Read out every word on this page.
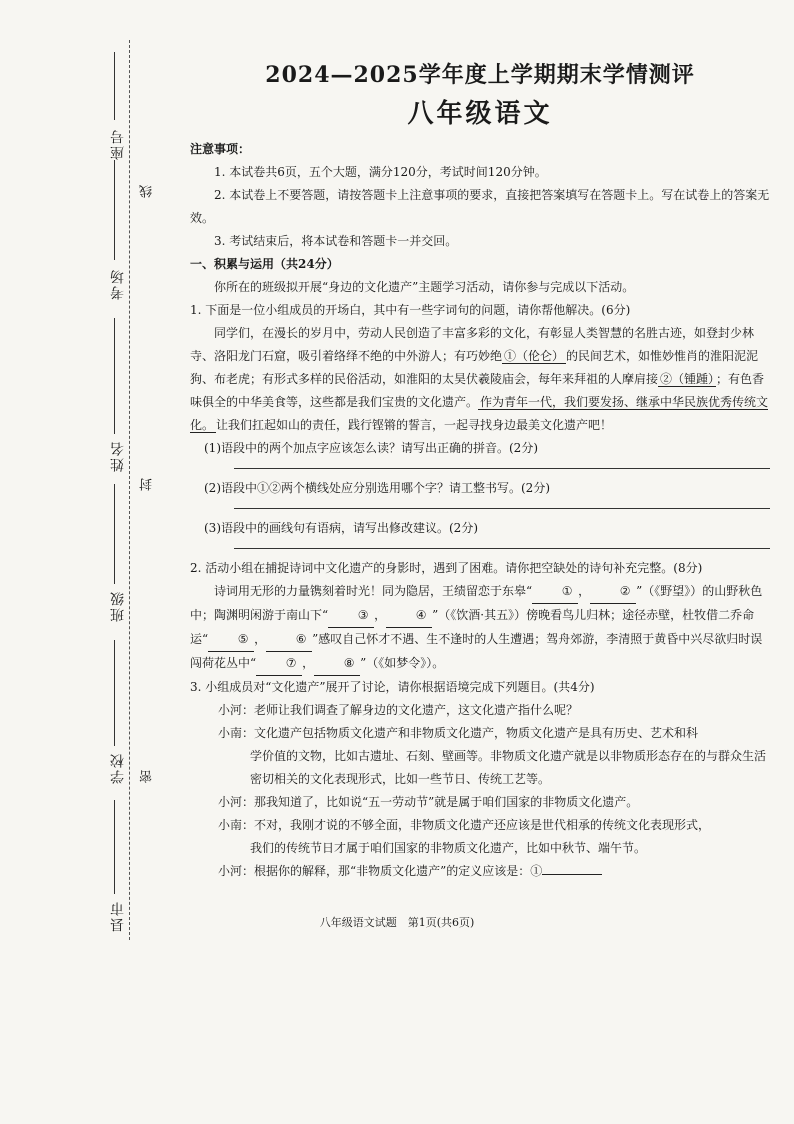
座号
考场
姓名
班级
学校
县市
线
封
密
2024—2025学年度上学期期末学情测评
八年级语文

注意事项：

1. 本试卷共6页，五个大题，满分120分，考试时间120分钟。

2. 本试卷上不要答题，请按答题卡上注意事项的要求，直接把答案填写在答题卡上。写在试卷上的答案无效。

3. 考试结束后，将本试卷和答题卡一并交回。

一、积累与运用（共24分）

你所在的班级拟开展“身边的文化遗产”主题学习活动，请你参与完成以下活动。

1. 下面是一位小组成员的开场白，其中有一些字词句的问题，请你帮他解决。(6分)

同学们，在漫长的岁月中，劳动人民创造了丰富多彩的文化，有彰显人类智慧的名胜古迹，如登封少林寺、洛阳龙门石窟，吸引着络绎不绝的中外游人；有巧妙绝 ①（伦仑） 的民间艺术，如惟妙惟肖的淮阳泥泥狗、布老虎；有形式多样的民俗活动，如淮阳的太昊伏羲陵庙会，每年来拜祖的人摩肩接 ②（锺踵） ；有色香味俱全的中华美食等，这些都是我们宝贵的文化遗产。 作为青年一代，我们要发扬、继承中华民族优秀传统文化。 让我们扛起如山的责任，践行铿锵的誓言，一起寻找身边最美文化遗产吧！

(1)语段中的两个加点字应该怎么读？请写出正确的拼音。(2分)

(2)语段中①②两个横线处应分别选用哪个字？请工整书写。(2分)

(3)语段中的画线句有语病，请写出修改建议。(2分)

2. 活动小组在捕捉诗词中文化遗产的身影时，遇到了困难。请你把空缺处的诗句补充完整。(8分)

诗词用无形的力量镌刻着时光！同为隐居，王绩留恋于东皋“ ① ， ② ”（《野望》）的山野秋色中；陶渊明闲游于南山下“ ③ ， ④ ”（《饮酒·其五》）傍晚看鸟儿归林；途径赤壁，杜牧借二乔命运“ ⑤ ， ⑥ ”感叹自己怀才不遇、生不逢时的人生遭遇；驾舟郊游，李清照于黄昏中兴尽欲归时误闯荷花丛中“ ⑦ ， ⑧ ”（《如梦令》）。

3. 小组成员对“文化遗产”展开了讨论，请你根据语境完成下列题目。(共4分)

小河：老师让我们调查了解身边的文化遗产，这文化遗产指什么呢？

小南：文化遗产包括物质文化遗产和非物质文化遗产，物质文化遗产是具有历史、艺术和科
学价值的文物，比如古遗址、石刻、壁画等。非物质文化遗产就是以非物质形态存在的与群众生活密切相关的文化表现形式，比如一些节日、传统工艺等。

小河：那我知道了，比如说“五一劳动节”就是属于咱们国家的非物质文化遗产。

小南：不对，我刚才说的不够全面，非物质文化遗产还应该是世代相承的传统文化表现形式，
我们的传统节日才属于咱们国家的非物质文化遗产，比如中秋节、端午节。

小河：根据你的解释，那“非物质文化遗产”的定义应该是：①

八年级语文试题　第1页(共6页)
